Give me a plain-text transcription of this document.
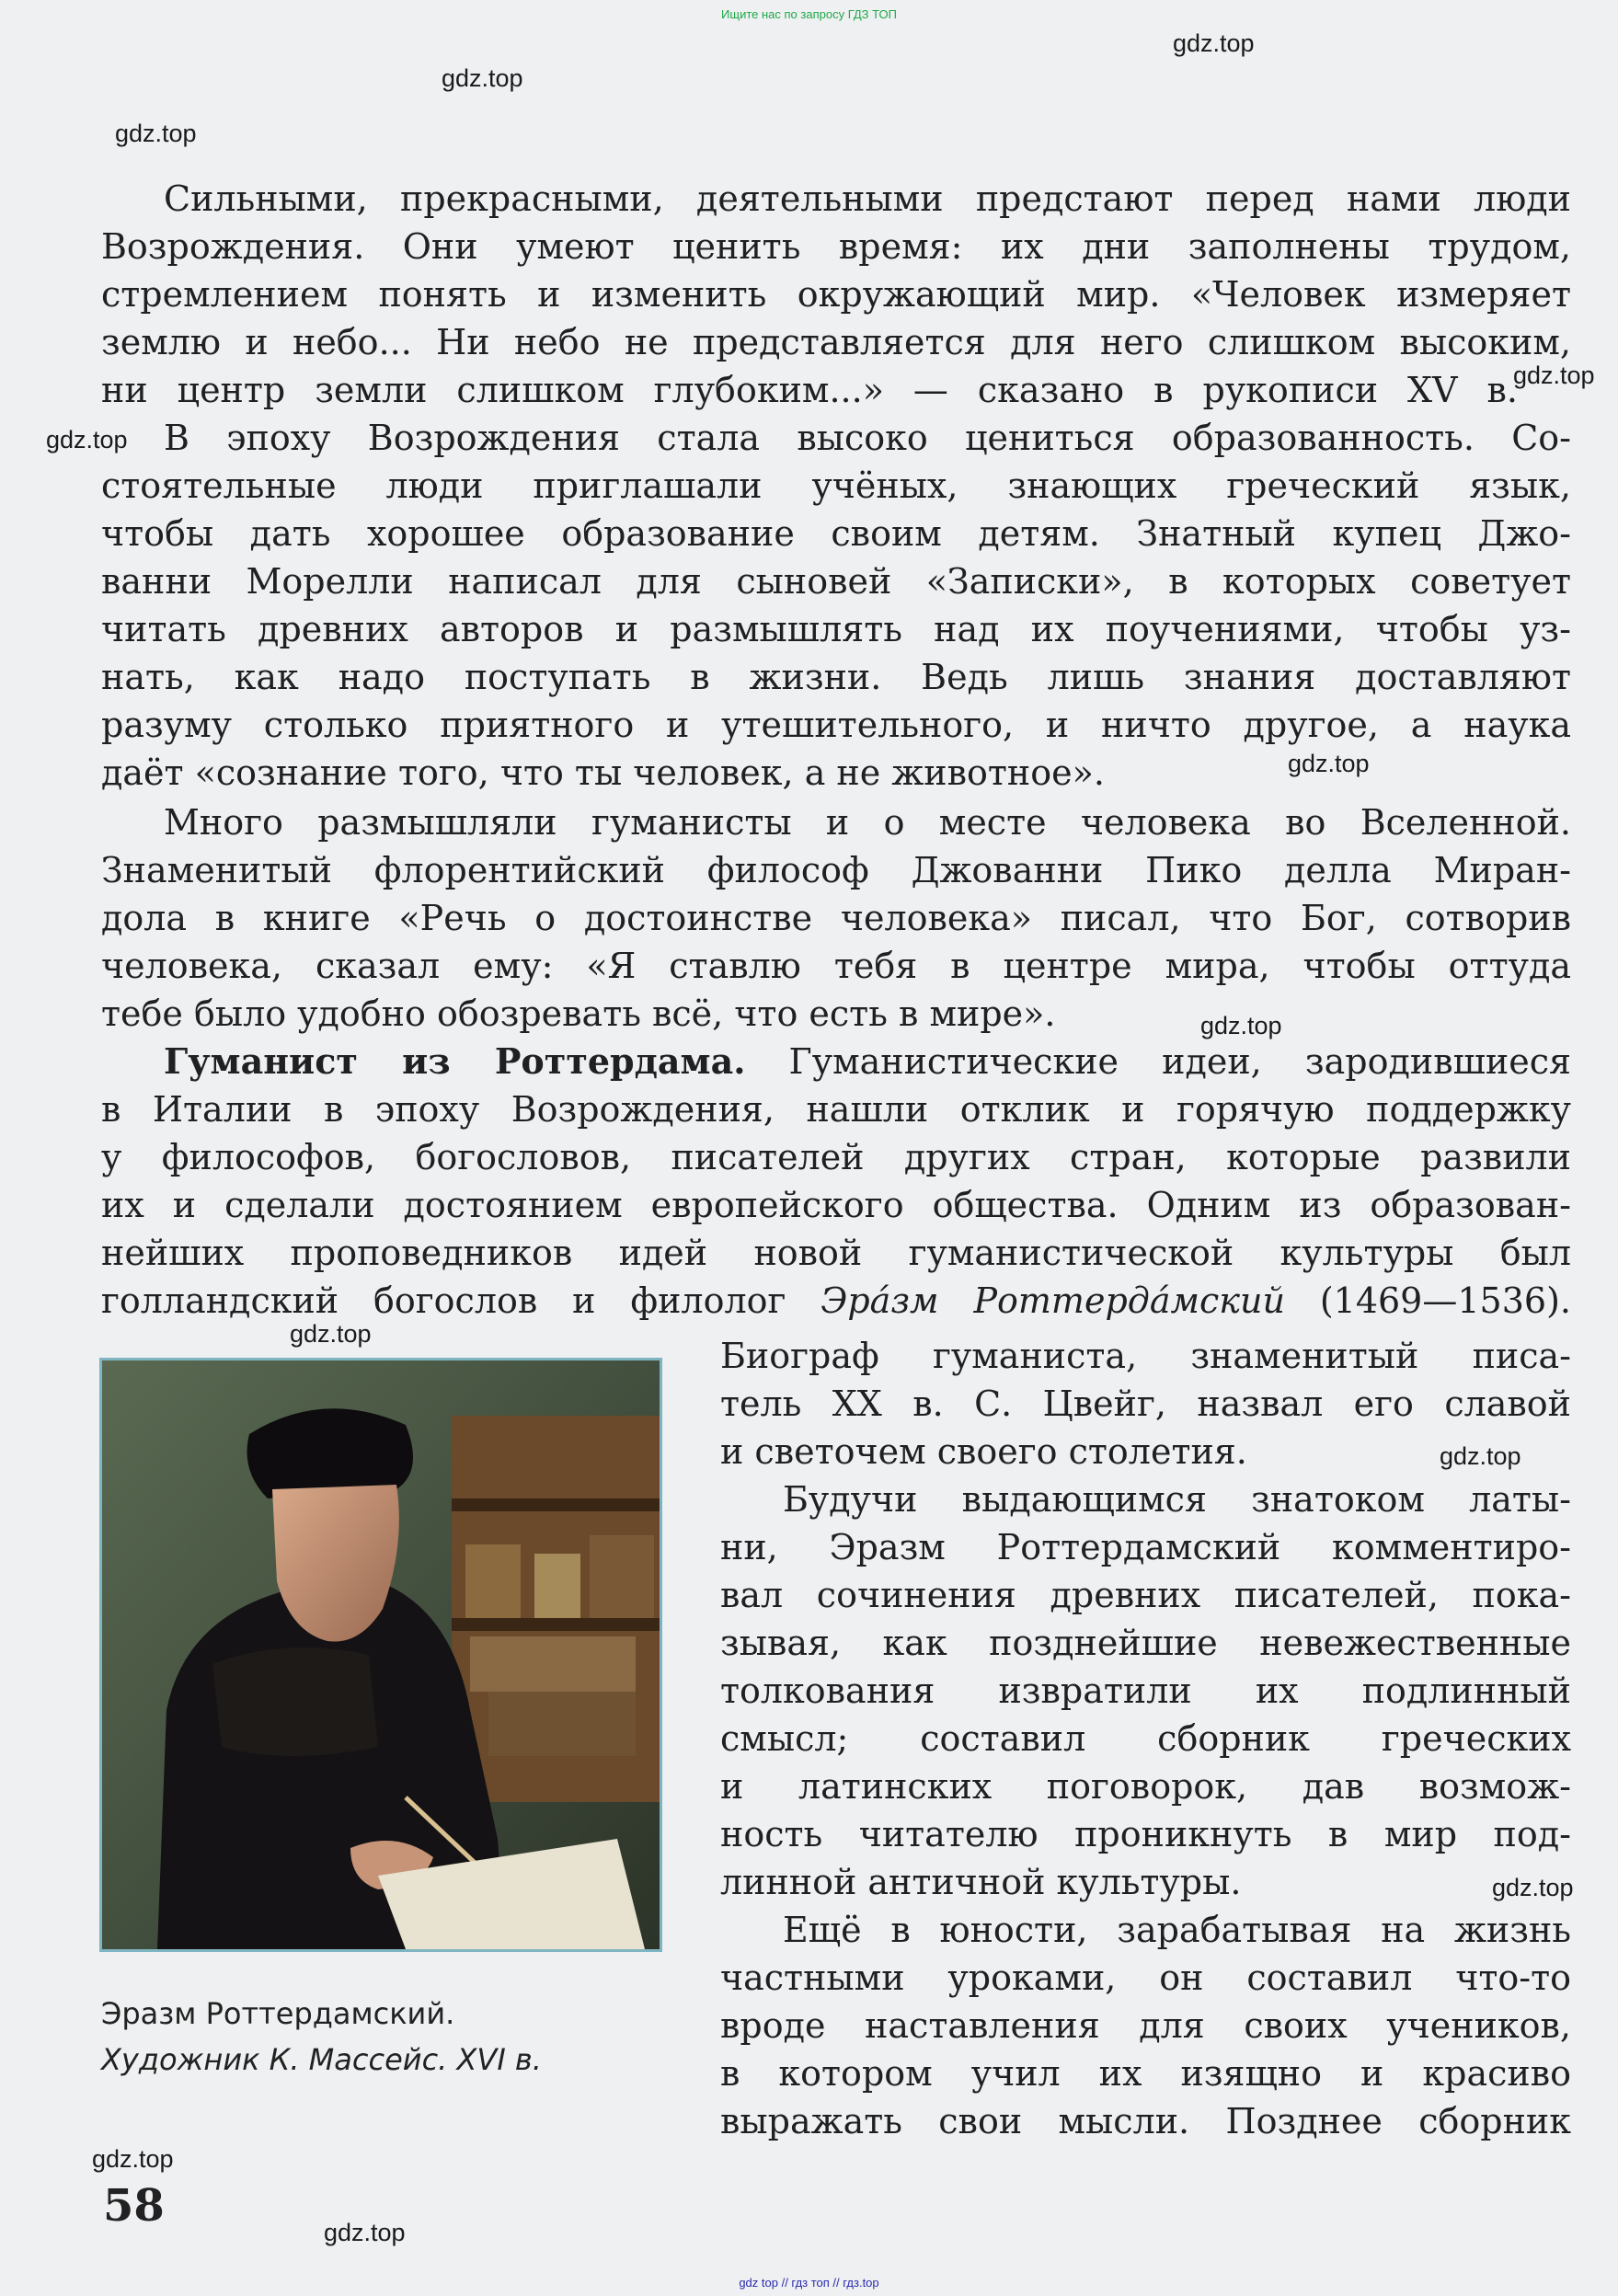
Ищите нас по запросу ГДЗ ТОП
gdz.top
gdz.top
gdz.top
gdz.top
gdz.top
gdz.top
gdz.top
gdz.top
gdz.top
gdz.top
gdz.top
gdz.top
Сильными, прекрасными, деятельными предстают перед нами люди
Возрождения. Они умеют ценить время: их дни заполнены трудом,
стремлением понять и изменить окружающий мир. «Человек измеряет
землю и небо... Ни небо не представляется для него слишком высоким,
ни центр земли слишком глубоким...» — сказано в рукописи XV в.
В эпоху Возрождения стала высоко цениться образованность. Со-
стоятельные люди приглашали учёных, знающих греческий язык,
чтобы дать хорошее образование своим детям. Знатный купец Джо-
ванни Морелли написал для сыновей «Записки», в которых советует
читать древних авторов и размышлять над их поучениями, чтобы уз-
нать, как надо поступать в жизни. Ведь лишь знания доставляют
разуму столько приятного и утешительного, и ничто другое, а наука
даёт «сознание того, что ты человек, а не животное».
Много размышляли гуманисты и о месте человека во Вселенной.
Знаменитый флорентийский философ Джованни Пико делла Миран-
дола в книге «Речь о достоинстве человека» писал, что Бог, сотворив
человека, сказал ему: «Я ставлю тебя в центре мира, чтобы оттуда
тебе было удобно обозревать всё, что есть в мире».
Гуманист из Роттердама. Гуманистические идеи, зародившиеся
в Италии в эпоху Возрождения, нашли отклик и горячую поддержку
у философов, богословов, писателей других стран, которые развили
их и сделали достоянием европейского общества. Одним из образован-
нейших проповедников идей новой гуманистической культуры был
голландский богослов и филолог Эра́зм Роттерда́мский (1469—1536).
Биограф гуманиста, знаменитый писа-
тель XX в. С. Цвейг, назвал его славой
и светочем своего столетия.
Будучи выдающимся знатоком латы-
ни, Эразм Роттердамский комментиро-
вал сочинения древних писателей, пока-
зывая, как позднейшие невежественные
толкования извратили их подлинный
смысл; составил сборник греческих
и латинских поговорок, дав возмож-
ность читателю проникнуть в мир под-
линной античной культуры.
Ещё в юности, зарабатывая на жизнь
частными уроками, он составил что-то
вроде наставления для своих учеников,
в котором учил их изящно и красиво
выражать свои мысли. Позднее сборник
Эразм Роттердамский.
Художник К. Массейс. XVI в.
58
gdz top // гдз топ // гдз.top
